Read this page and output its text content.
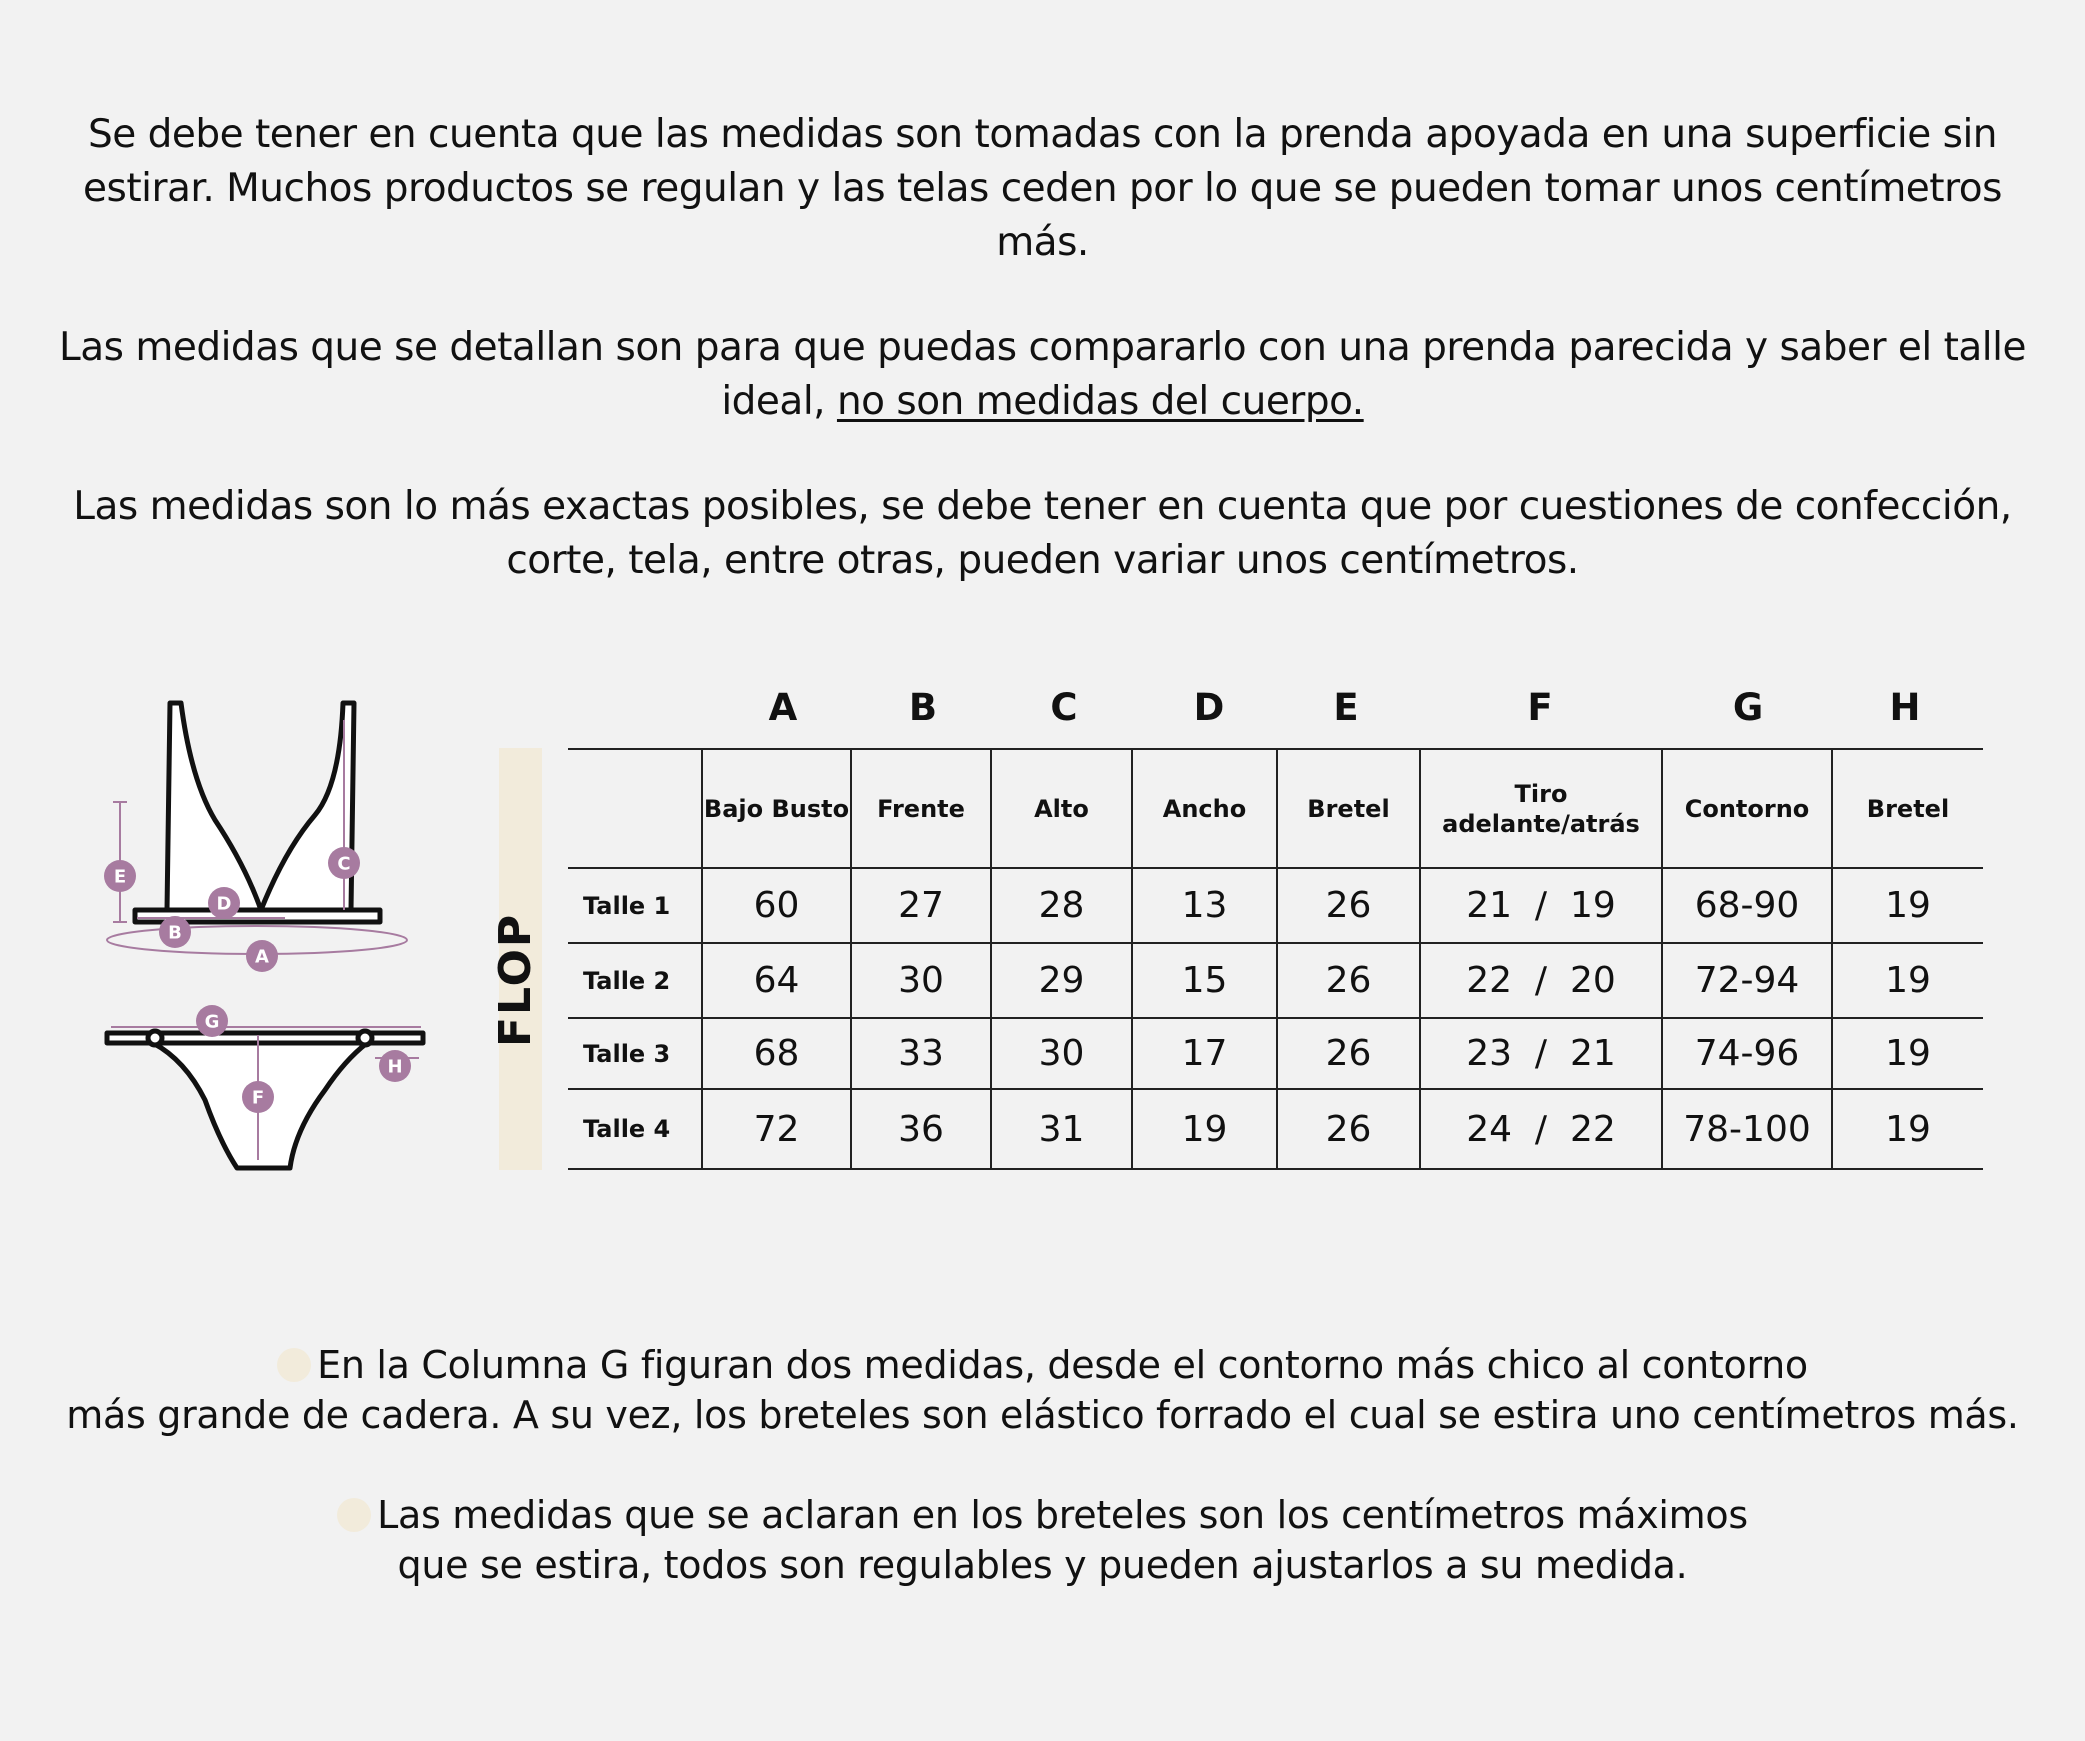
Se debe tener en cuenta que las medidas son tomadas con la prenda apoyada en una superficie sin estirar. Muchos productos se regulan y las telas ceden por lo que se pueden tomar unos centímetros más.

Las medidas que se detallan son para que puedas compararlo con una prenda parecida y saber el talle ideal, no son medidas del cuerpo.

Las medidas son lo más exactas posibles, se debe tener en cuenta que por cuestiones de confección, corte, tela, entre otras, pueden variar unos centímetros.

E
C
D
B
A
G
H
F
FLOP
A	B	C	D	E	F	G	H
	Bajo Busto	Frente	Alto	Ancho	Bretel	Tiro
adelante/atrás	Contorno	Bretel
Talle 1	60	27	28	13	26	21  /  19	68-90	19
Talle 2	64	30	29	15	26	22  /  20	72-94	19
Talle 3	68	33	30	17	26	23  /  21	74-96	19
Talle 4	72	36	31	19	26	24  /  22	78-100	19
En la Columna G figuran dos medidas, desde el contorno más chico al contorno
más grande de cadera. A su vez, los breteles son elástico forrado el cual se estira uno centímetros más.
Las medidas que se aclaran en los breteles son los centímetros máximos
que se estira, todos son regulables y pueden ajustarlos a su medida.
